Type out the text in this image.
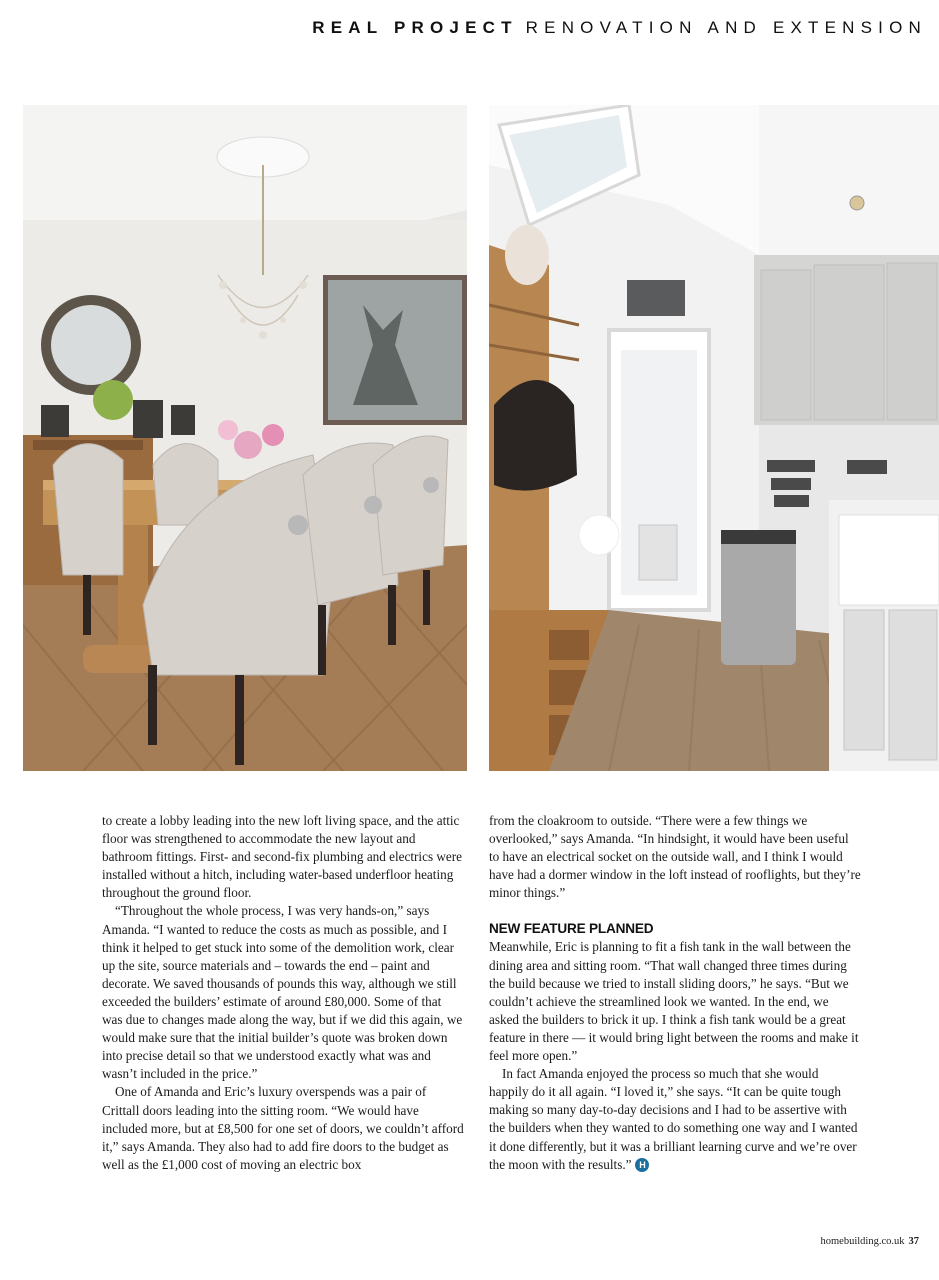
REAL PROJECT RENOVATION AND EXTENSION

to create a lobby leading into the new loft living space, and the attic floor was strengthened to accommodate the new layout and bathroom fittings. First- and second-fix plumbing and electrics were installed without a hitch, including water-based underfloor heating throughout the ground floor.

“Throughout the whole process, I was very hands-on,” says Amanda. “I wanted to reduce the costs as much as possible, and I think it helped to get stuck into some of the demolition work, clear up the site, source materials and – towards the end – paint and decorate. We saved thousands of pounds this way, although we still exceeded the builders’ estimate of around £80,000. Some of that was due to changes made along the way, but if we did this again, we would make sure that the initial builder’s quote was broken down into precise detail so that we understood exactly what was and wasn’t included in the price.”

One of Amanda and Eric’s luxury overspends was a pair of Crittall doors leading into the sitting room. “We would have included more, but at £8,500 for one set of doors, we couldn’t afford it,” says Amanda. They also had to add fire doors to the budget as well as the £1,000 cost of moving an electric box

from the cloakroom to outside. “There were a few things we overlooked,” says Amanda. “In hindsight, it would have been useful to have an electrical socket on the outside wall, and I think I would have had a dormer window in the loft instead of rooflights, but they’re minor things.”

NEW FEATURE PLANNED

Meanwhile, Eric is planning to fit a fish tank in the wall between the dining area and sitting room. “That wall changed three times during the build because we tried to install sliding doors,” he says. “But we couldn’t achieve the streamlined look we wanted. In the end, we asked the builders to brick it up. I think a fish tank would be a great feature in there — it would bring light between the rooms and make it feel more open.”

In fact Amanda enjoyed the process so much that she would happily do it all again. “I loved it,” she says. “It can be quite tough making so many day-to-day decisions and I had to be assertive with the builders when they wanted to do something one way and I wanted it done differently, but it was a brilliant learning curve and we’re over the moon with the results.” H

homebuilding.co.uk 37
